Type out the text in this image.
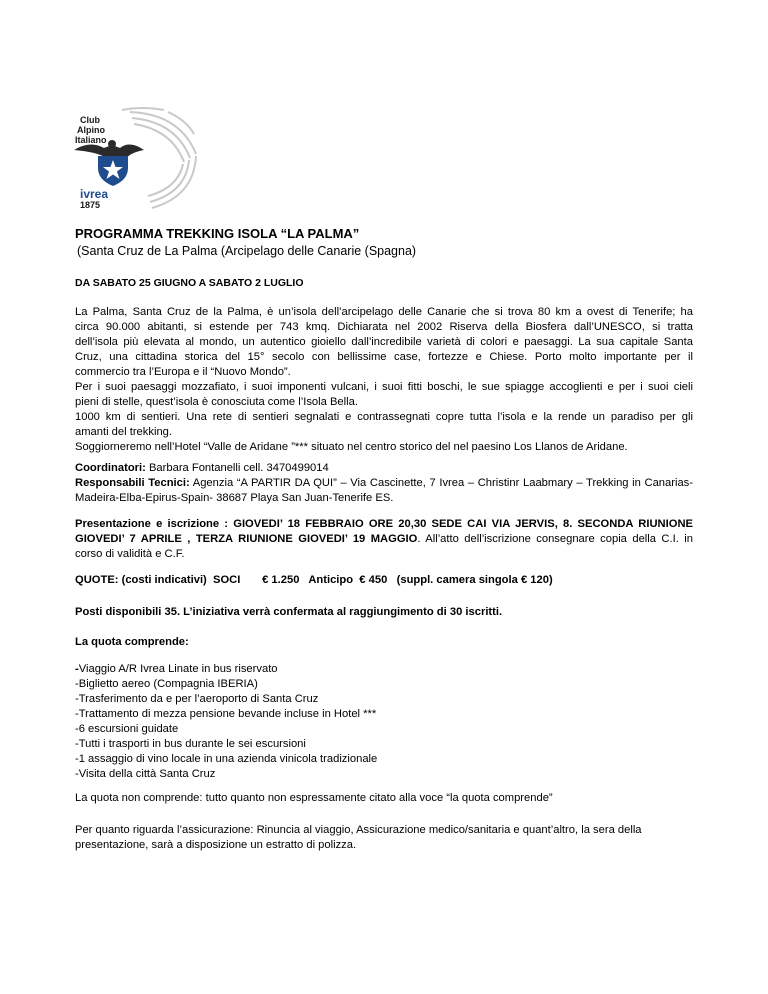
Club
Alpino
Italiano
ivrea
1875
PROGRAMMA TREKKING ISOLA “LA PALMA”
(Santa Cruz de La Palma (Arcipelago delle Canarie (Spagna)
DA SABATO 25 GIUGNO A SABATO 2 LUGLIO
La Palma, Santa Cruz de la Palma, è un’isola dell’arcipelago delle Canarie che si trova 80 km a ovest di Tenerife; ha
circa 90.000 abitanti, si estende per 743 kmq. Dichiarata nel 2002 Riserva della Biosfera dall’UNESCO, si tratta
dell’isola più elevata al mondo, un autentico gioiello dall’incredibile varietà di colori e paesaggi. La sua capitale Santa
Cruz, una cittadina storica del 15° secolo con bellissime case, fortezze e Chiese. Porto molto importante per il
commercio tra l’Europa e il “Nuovo Mondo”.
Per i suoi paesaggi mozzafiato, i suoi imponenti vulcani, i suoi fitti boschi, le sue spiagge accoglienti e per i suoi cieli
pieni di stelle, quest’isola è conosciuta come l’Isola Bella.
1000 km di sentieri. Una rete di sentieri segnalati e contrassegnati copre tutta l’isola e la rende un paradiso per gli
amanti del trekking.
Soggiorneremo nell’Hotel “Valle de Aridane ”*** situato nel centro storico del nel paesino Los Llanos de Aridane.
Coordinatori: Barbara Fontanelli cell. 3470499014
Responsabili Tecnici: Agenzia “A PARTIR DA QUI” – Via Cascinette, 7 Ivrea – Christinr Laabmary – Trekking in Canarias-
Madeira-Elba-Epirus-Spain- 38687 Playa San Juan-Tenerife ES.
Presentazione e iscrizione : GIOVEDI’ 18 FEBBRAIO ORE 20,30 SEDE CAI VIA JERVIS, 8. SECONDA RIUNIONE
GIOVEDI’ 7 APRILE , TERZA RIUNIONE GIOVEDI’ 19 MAGGIO. All’atto dell’iscrizione consegnare copia della C.I. in
corso di validità e C.F.
QUOTE: (costi indicativi)  SOCI       € 1.250   Anticipo  € 450   (suppl. camera singola € 120)
Posti disponibili 35. L’iniziativa verrà confermata al raggiungimento di 30 iscritti.
La quota comprende:
-Viaggio A/R Ivrea Linate in bus riservato
-Biglietto aereo (Compagnia IBERIA)
-Trasferimento da e per l’aeroporto di Santa Cruz
-Trattamento di mezza pensione bevande incluse in Hotel ***
-6 escursioni guidate
-Tutti i trasporti in bus durante le sei escursioni
-1 assaggio di vino locale in una azienda vinicola tradizionale
-Visita della città Santa Cruz
La quota non comprende: tutto quanto non espressamente citato alla voce “la quota comprende”
Per quanto riguarda l’assicurazione: Rinuncia al viaggio, Assicurazione medico/sanitaria e quant’altro, la sera della
presentazione, sarà a disposizione un estratto di polizza.
